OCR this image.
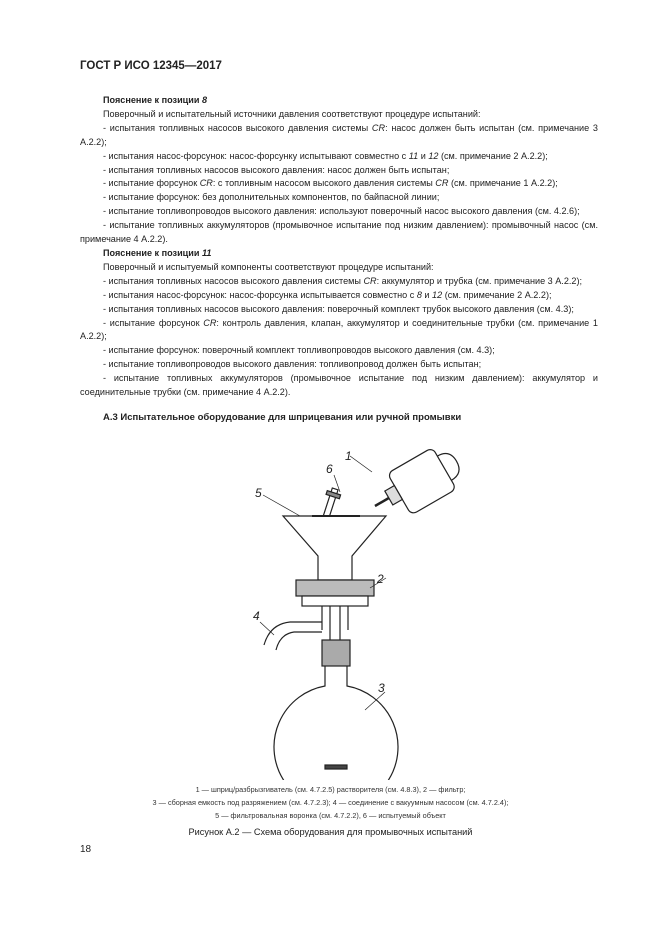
ГОСТ Р ИСО 12345—2017

Пояснение к позиции 8

Поверочный и испытательный источники давления соответствуют процедуре испытаний:

- испытания топливных насосов высокого давления системы CR: насос должен быть испытан (см. примечание 3 А.2.2);

- испытания насос-форсунок: насос-форсунку испытывают совместно с 11 и 12 (см. примечание 2 А.2.2);

- испытания топливных насосов высокого давления: насос должен быть испытан;

- испытание форсунок CR: с топливным насосом высокого давления системы CR (см. примечание 1 А.2.2);

- испытание форсунок: без дополнительных компонентов, по байпасной линии;

- испытание топливопроводов высокого давления: используют поверочный насос высокого давления (см. 4.2.6);

- испытание топливных аккумуляторов (промывочное испытание под низким давлением): промывочный насос (см. примечание 4 А.2.2).

Пояснение к позиции 11

Поверочный и испытуемый компоненты соответствуют процедуре испытаний:

- испытания топливных насосов высокого давления системы CR: аккумулятор и трубка (см. примечание 3 А.2.2);

- испытания насос-форсунок: насос-форсунка испытывается совместно с 8 и 12 (см. примечание 2 А.2.2);

- испытания топливных насосов высокого давления: поверочный комплект трубок высокого давления (см. 4.3);

- испытание форсунок CR: контроль давления, клапан, аккумулятор и соединительные трубки (см. примечание 1 А.2.2);

- испытание форсунок: поверочный комплект топливопроводов высокого давления (см. 4.3);

- испытание топливопроводов высокого давления: топливопровод должен быть испытан;

- испытание топливных аккумуляторов (промывочное испытание под низким давлением): аккумулятор и соединительные трубки (см. примечание 4 А.2.2).

А.3 Испытательное оборудование для шприцевания или ручной промывки
1
2
3
4
5
6
1 — шприц/разбрызгиватель (см. 4.7.2.5) растворителя (см. 4.8.3), 2 — фильтр;
3 — сборная емкость под разряжением (см. 4.7.2.3); 4 — соединение с вакуумным насосом (см. 4.7.2.4);
5 — фильтровальная воронка (см. 4.7.2.2), 6 — испытуемый объект
Рисунок А.2 — Схема оборудования для промывочных испытаний
18
